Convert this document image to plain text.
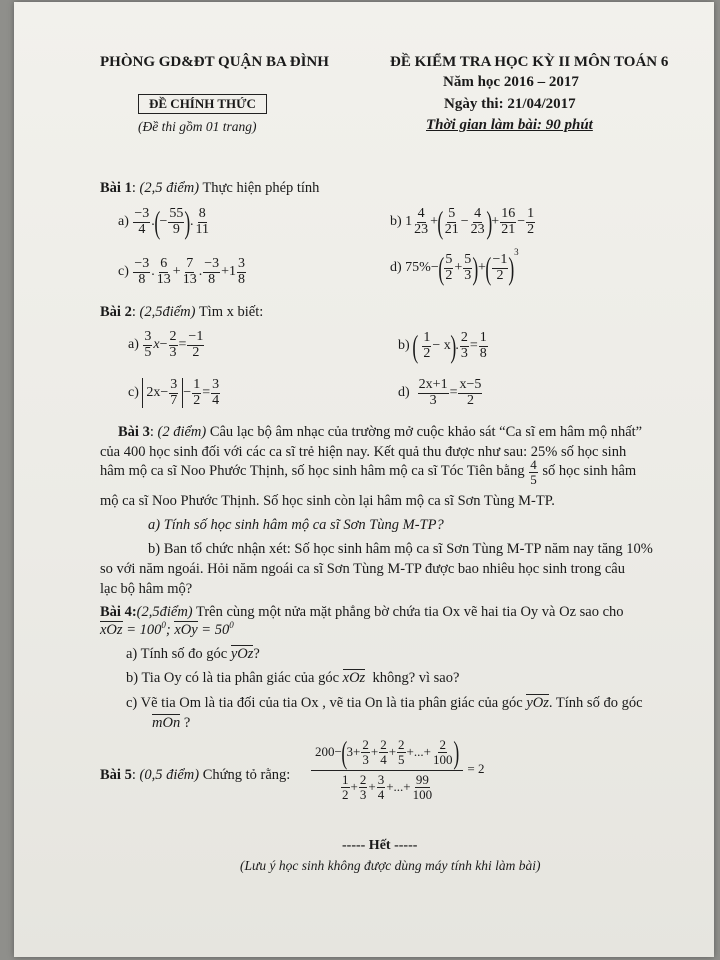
PHÒNG GD&ĐT QUẬN BA ĐÌNH
ĐỀ CHÍNH THỨC
(Đề thi gồm 01 trang)
ĐỀ KIỂM TRA HỌC KỲ II MÔN TOÁN 6
Năm học 2016 – 2017
Ngày thi: 21/04/2017
Thời gian làm bài: 90 phút
Bài 1: (2,5 điểm) Thực hiện phép tính
a)
$\frac{-3}{4}$ . ( − $\frac{55}{9}$ ) . $\frac{8}{11}$	b) $1 \frac{4}{23}$ + ( $\frac{5}{21} - \frac{4}{23}$ ) + $\frac{16}{21} - \frac{1}{2}$
c)
$\frac{-3}{8}$ . $\frac{6}{13} + \frac{7}{13}$ . $\frac{-3}{8} +1 \frac{3}{8}$	d) 75%− ( $\frac{5}{2} + \frac{5}{3}$ ) + ( $\frac{-1}{2}$ ) 3
Bài 2: (2,5điểm) Tìm x biết:
a)
$\frac{3}{5}$ $x - \frac{2}{3} = \frac{-1}{2}$	b)
(
$\frac{1}{2} - x$ ) . $\frac{2}{3} = \frac{1}{8}$
c)
$2x- \frac{3}{7} - \frac{1}{2} = \frac{3}{4}$	d)
$\frac{2x+1}{3} = \frac{x-5}{2}$
Bài 3: (2 điểm) Câu lạc bộ âm nhạc của trường mở cuộc khảo sát “Ca sĩ em hâm mộ nhất”
của 400 học sinh đối với các ca sĩ trẻ hiện nay. Kết quả thu được như sau: 25% số học sinh
hâm mộ ca sĩ Noo Phước Thịnh, số học sinh hâm mộ ca sĩ Tóc Tiên bằng
$\frac{4}{5}$
số học sinh hâm
mộ ca sĩ Noo Phước Thịnh. Số học sinh còn lại hâm mộ ca sĩ Sơn Tùng M-TP.
a) Tính số học sinh hâm mộ ca sĩ Sơn Tùng M-TP?
b) Ban tổ chức nhận xét: Số học sinh hâm mộ ca sĩ Sơn Tùng M-TP năm nay tăng 10%
so với năm ngoái. Hỏi năm ngoái ca sĩ Sơn Tùng M-TP được bao nhiêu học sinh trong câu
lạc bộ hâm mộ?
Bài 4:(2,5điểm) Trên cùng một nửa mặt phẳng bờ chứa tia Ox vẽ hai tia Oy và Oz sao cho
xOz = $100^0$; xOy = $50^0$
a) Tính số đo góc yOz?
b) Tia Oy có là tia phân giác của góc xOz không? vì sao?
c) Vẽ tia Om là tia đối của tia Ox , vẽ tia On là tia phân giác của góc yOz. Tính số đo góc
mOn ?
Bài 5: (0,5 điểm) Chứng tỏ rằng: $\frac{200- ( 3+ \frac{2}{3} + \frac{2}{4} + \frac{2}{5} +...+ \frac{2}{100} )}{\frac{1}{2} + \frac{2}{3} + \frac{3}{4} +...+ \frac{99}{100}} = 2$
----- Hết -----
(Lưu ý học sinh không được dùng máy tính khi làm bài)
